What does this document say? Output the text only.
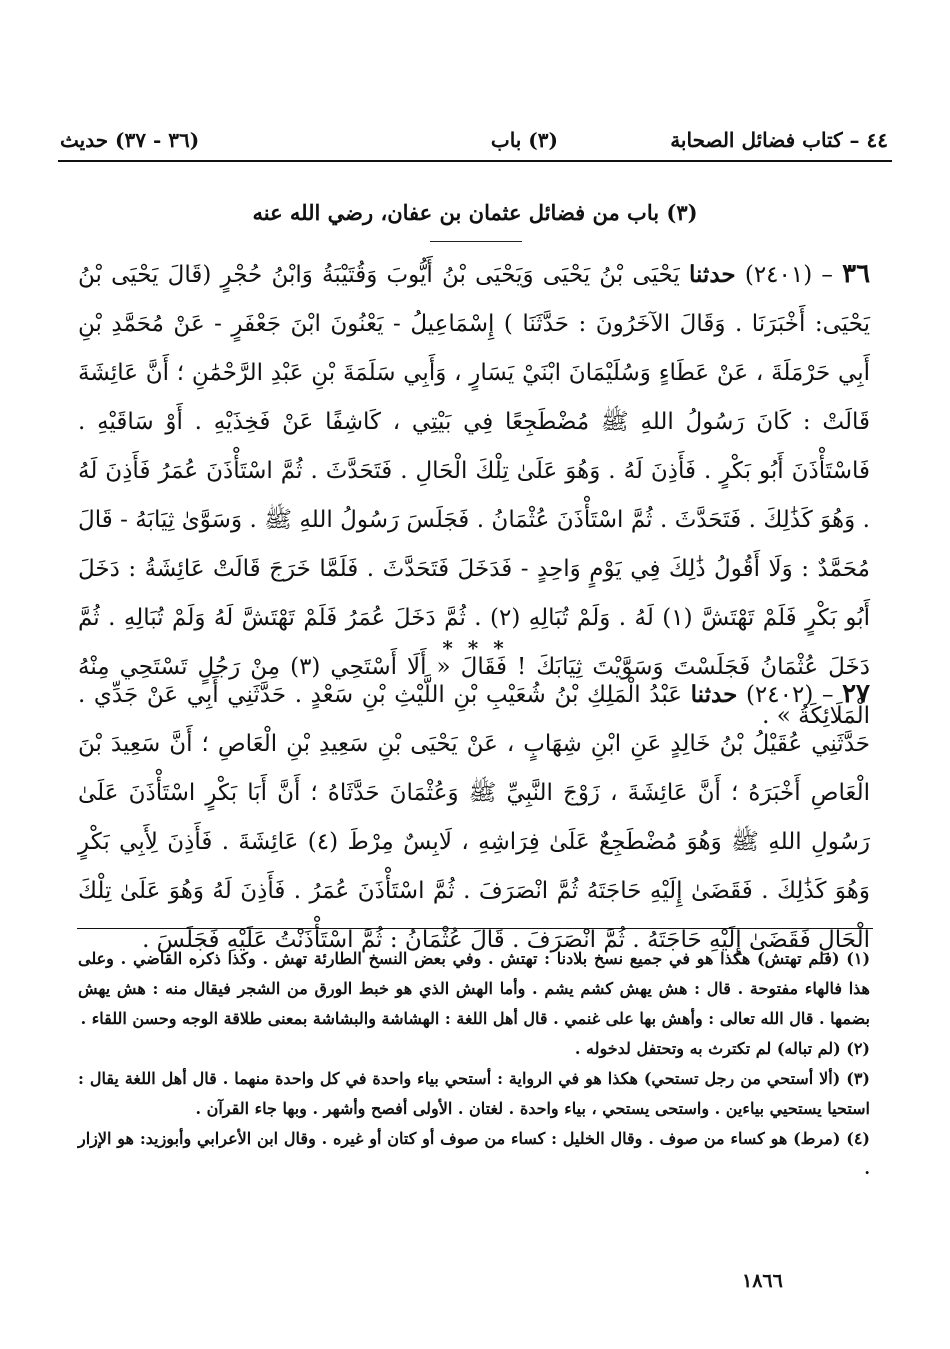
٤٤ – كتاب فضائل الصحابة
(٣) باب
(٣٦ - ٣٧) حديث
(٣) باب من فضائل عثمان بن عفان، رضي الله عنه
٣٦ – (٢٤٠١) حدثنا يَحْيَى بْنُ يَحْيَى وَيَحْيَى بْنُ أَيُّوبَ وَقُتَيْبَةُ وَابْنُ حُجْرٍ (قَالَ يَحْيَى بْنُ يَحْيَى: أَخْبَرَنَا . وَقَالَ الآخَرُونَ : حَدَّثَنَا ) إِسْمَاعِيلُ - يَعْنُونَ ابْنَ جَعْفَرٍ - عَنْ مُحَمَّدِ بْنِ أَبِي حَرْمَلَةَ ، عَنْ عَطَاءٍ وَسُلَيْمَانَ ابْنَيْ يَسَارٍ ، وَأَبِي سَلَمَةَ بْنِ عَبْدِ الرَّحْمَٰنِ ؛ أَنَّ عَائِشَةَ قَالَتْ : كَانَ رَسُولُ اللهِ ﷺ مُضْطَجِعًا فِي بَيْتِي ، كَاشِفًا عَنْ فَخِذَيْهِ . أَوْ سَاقَيْهِ . فَاسْتَأْذَنَ أَبُو بَكْرٍ . فَأَذِنَ لَهُ . وَهُوَ عَلَىٰ تِلْكَ الْحَالِ . فَتَحَدَّثَ . ثُمَّ اسْتَأْذَنَ عُمَرُ فَأَذِنَ لَهُ . وَهُوَ كَذَٰلِكَ . فَتَحَدَّثَ . ثُمَّ اسْتَأْذَنَ عُثْمَانُ . فَجَلَسَ رَسُولُ اللهِ ﷺ . وَسَوَّىٰ ثِيَابَهُ - قَالَ مُحَمَّدٌ : وَلَا أَقُولُ ذَٰلِكَ فِي يَوْمٍ وَاحِدٍ - فَدَخَلَ فَتَحَدَّثَ . فَلَمَّا خَرَجَ قَالَتْ عَائِشَةُ : دَخَلَ أَبُو بَكْرٍ فَلَمْ تَهْتَشَّ (١) لَهُ . وَلَمْ تُبَالِهِ (٢) . ثُمَّ دَخَلَ عُمَرُ فَلَمْ تَهْتَشَّ لَهُ وَلَمْ تُبَالِهِ . ثُمَّ دَخَلَ عُثْمَانُ فَجَلَسْتَ وَسَوَّيْتَ ثِيَابَكَ ! فَقَالَ « أَلَا أَسْتَحِي (٣) مِنْ رَجُلٍ تَسْتَحِي مِنْهُ الْمَلَائِكَةُ » .
* * *
٢٧ – (٢٤٠٢) حدثنا عَبْدُ الْمَلِكِ بْنُ شُعَيْبِ بْنِ اللَّيْثِ بْنِ سَعْدٍ . حَدَّثَنِي أَبِي عَنْ جَدِّي . حَدَّثَنِي عُقَيْلُ بْنُ خَالِدٍ عَنِ ابْنِ شِهَابٍ ، عَنْ يَحْيَى بْنِ سَعِيدِ بْنِ الْعَاصِ ؛ أَنَّ سَعِيدَ بْنَ الْعَاصِ أَخْبَرَهُ ؛ أَنَّ عَائِشَةَ ، زَوْجَ النَّبِيِّ ﷺ وَعُثْمَانَ حَدَّثَاهُ ؛ أَنَّ أَبَا بَكْرٍ اسْتَأْذَنَ عَلَىٰ رَسُولِ اللهِ ﷺ وَهُوَ مُضْطَجِعٌ عَلَىٰ فِرَاشِهِ ، لَابِسٌ مِرْطَ (٤) عَائِشَةَ . فَأَذِنَ لِأَبِي بَكْرٍ وَهُوَ كَذَٰلِكَ . فَقَضَىٰ إِلَيْهِ حَاجَتَهُ ثُمَّ انْصَرَفَ . ثُمَّ اسْتَأْذَنَ عُمَرُ . فَأَذِنَ لَهُ وَهُوَ عَلَىٰ تِلْكَ الْحَالِ فَقَضَىٰ إِلَيْهِ حَاجَتَهُ . ثُمَّ انْصَرَفَ . قَالَ عُثْمَانُ : ثُمَّ اسْتَأْذَنْتُ عَلَيْهِ فَجَلَسَ .

(١) (فلم تهتش) هكذا هو في جميع نسخ بلادنا : تهتش . وفي بعض النسخ الطارئة تهش . وكذا ذكره القاضي . وعلى هذا فالهاء مفتوحة . قال : هش يهش كشم يشم . وأما الهش الذي هو خبط الورق من الشجر فيقال منه : هش يهش بضمها . قال الله تعالى : وأهش بها على غنمي . قال أهل اللغة : الهشاشة والبشاشة بمعنى طلاقة الوجه وحسن اللقاء .

(٢) (لم تباله) لم تكترث به وتحتفل لدخوله .

(٣) (ألا أستحي من رجل تستحي) هكذا هو في الرواية : أستحي بياء واحدة في كل واحدة منهما . قال أهل اللغة يقال : استحيا يستحيي بياءين . واستحى يستحي ، بياء واحدة . لغتان . الأولى أفصح وأشهر . وبها جاء القرآن .

(٤) (مرط) هو كساء من صوف . وقال الخليل : كساء من صوف أو كتان أو غيره . وقال ابن الأعرابي وأبوزيد: هو الإزار .

١٨٦٦
